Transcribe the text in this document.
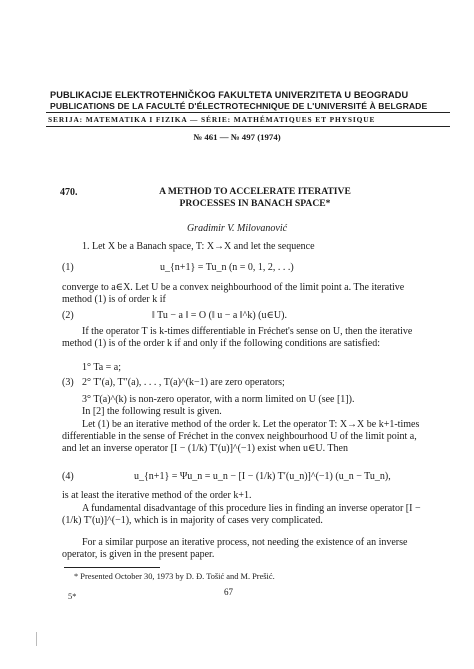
PUBLIKACIJE ELEKTROTEHNIČKOG FAKULTETA UNIVERZITETA U BEOGRADU
PUBLICATIONS DE LA FACULTÉ D'ÉLECTROTECHNIQUE DE L'UNIVERSITÉ À BELGRADE
SERIJA: MATEMATIKA I FIZIKA — SÉRIE: MATHÉMATIQUES ET PHYSIQUE
№ 461 — № 497 (1974)
470.	A METHOD TO ACCELERATE ITERATIVE
PROCESSES IN BANACH SPACE*
Gradimir V. Milovanović
1. Let X be a Banach space, T: X→X and let the sequence
(1)	u_{n+1} = Tu_n (n = 0, 1, 2, . . .)
converge to a∈X. Let U be a convex neighbourhood of the limit point a. The iterative method (1) is of order k if
(2)	‖ Tu − a ‖ = O (‖ u − a ‖^k) (u∈U).
If the operator T is k-times differentiable in Fréchet's sense on U, then the iterative method (1) is of the order k if and only if the following conditions are satisfied:
1° Ta = a;
(3) 2° T′(a), T″(a), . . . , T(a)^(k−1) are zero operators;
3° T(a)^(k) is non-zero operator, with a norm limited on U (see [1]).
In [2] the following result is given.
Let (1) be an iterative method of the order k. Let the operator T: X→X be k+1-times differentiable in the sense of Fréchet in the convex neighbourhood U of the limit point a, and let an inverse operator [I − (1/k) T′(u)]^(−1) exist when u∈U. Then
(4)	u_{n+1} = Ψu_n = u_n − [I − (1/k) T′(u_n)]^(−1) (u_n − Tu_n),
is at least the iterative method of the order k+1.
A fundamental disadvantage of this procedure lies in finding an inverse operator [I − (1/k) T′(u)]^(−1), which is in majority of cases very complicated.
For a similar purpose an iterative process, not needing the existence of an inverse operator, is given in the present paper.
* Presented October 30, 1973 by D. Đ. Tošić and M. Prešić.
5*	67
